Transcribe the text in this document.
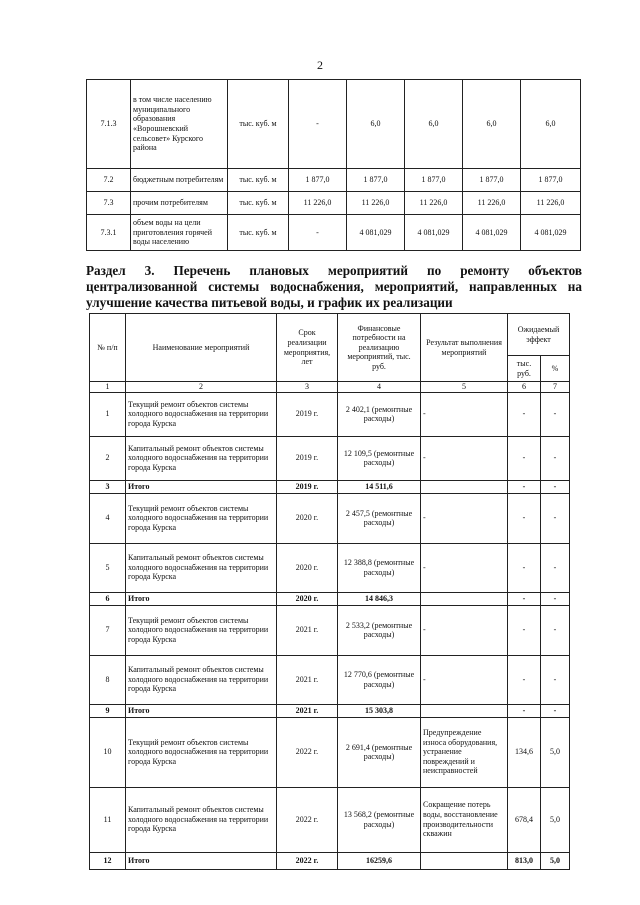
2
7.1.3	в том числе населению муниципального образования «Ворошневский сельсовет» Курского района	тыс. куб. м	-	6,0	6,0	6,0	6,0
7.2	бюджетным потребителям	тыс. куб. м	1 877,0	1 877,0	1 877,0	1 877,0	1 877,0
7.3	прочим потребителям	тыс. куб. м	11 226,0	11 226,0	11 226,0	11 226,0	11 226,0
7.3.1	объем воды на цели приготовления горячей воды населению	тыс. куб. м	-	4 081,029	4 081,029	4 081,029	4 081,029
Раздел 3. Перечень плановых мероприятий по ремонту объектов
централизованной системы водоснабжения, мероприятий, направленных на
улучшение качества питьевой воды, и график их реализации
№ п/п	Наименование мероприятий	Срок реализации мероприятия, лет	Финансовые потребности на реализацию мероприятий, тыс. руб.	Результат выполнения мероприятий	Ожидаемый эффект	
					тыс. руб.	%
1	2	3	4	5	6	7
1	Текущий ремонт объектов системы холодного водоснабжения на территории города Курска	2019 г.	2 402,1 (ремонтные расходы)	-	-	-
2	Капитальный ремонт объектов системы холодного водоснабжения на территории города Курска	2019 г.	12 109,5 (ремонтные расходы)	-	-	-
3	Итого	2019 г.	14 511,6		-	-
4	Текущий ремонт объектов системы холодного водоснабжения на территории города Курска	2020 г.	2 457,5 (ремонтные расходы)	-	-	-
5	Капитальный ремонт объектов системы холодного водоснабжения на территории города Курска	2020 г.	12 388,8 (ремонтные расходы)	-	-	-
6	Итого	2020 г.	14 846,3		-	-
7	Текущий ремонт объектов системы холодного водоснабжения на территории города Курска	2021 г.	2 533,2 (ремонтные расходы)	-	-	-
8	Капитальный ремонт объектов системы холодного водоснабжения на территории города Курска	2021 г.	12 770,6 (ремонтные расходы)	-	-	-
9	Итого	2021 г.	15 303,8		-	-
10	Текущий ремонт объектов системы холодного водоснабжения на территории города Курска	2022 г.	2 691,4 (ремонтные расходы)	Предупреждение износа оборудования, устранение повреждений и неисправностей	134,6	5,0
11	Капитальный ремонт объектов системы холодного водоснабжения на территории города Курска	2022 г.	13 568,2 (ремонтные расходы)	Сокращение потерь воды, восстановление производительности скважин	678,4	5,0
12	Итого	2022 г.	16259,6		813,0	5,0
